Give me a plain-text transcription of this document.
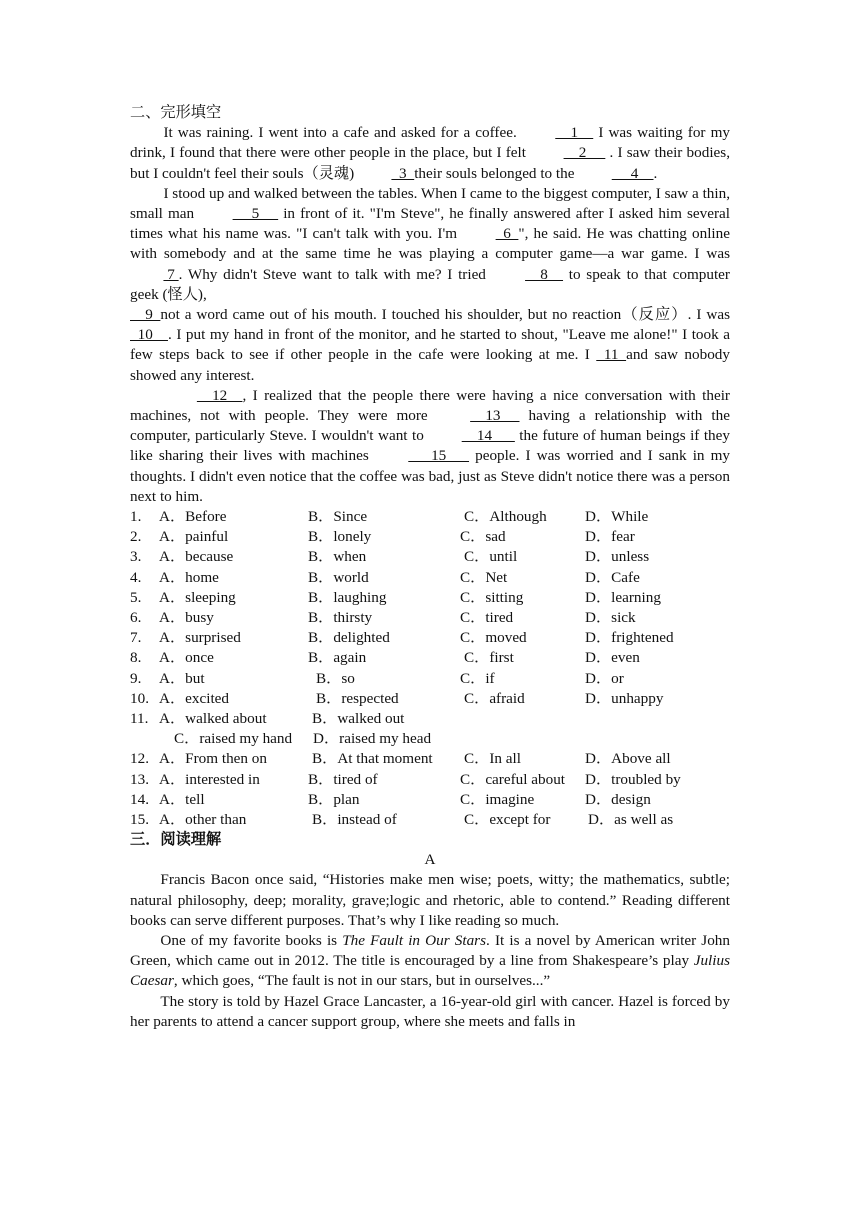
二、完形填空

It was raining. I went into a cafe and asked for a coffee.     1     I was waiting for my drink, I found that there were other people in the place, but I felt     2      . I saw their bodies, but I couldn't feel their souls（灵魂)   3  their souls belonged to the      4    .

I stood up and walked between the tables. When I came to the biggest computer, I saw a thin, small man      5      in front of it. "I'm Steve", he finally answered after I asked him several times what his name was. "I can't talk with you. I'm   6  ", he said. He was chatting online with somebody and at the same time he was playing a computer game—a war game. I was  7 . Why didn't Steve want to talk with me? I tried     8     to speak to that computer geek (怪人),

9  not a word came out of his mouth. I touched his shoulder, but no reaction（反应）. I was  10    . I put my hand in front of the monitor, and he started to shout, "Leave me alone!" I took a few steps back to see if other people in the cafe were looking at me. I   11  and saw nobody showed any interest.

12    , I realized that the people there were having a nice conversation with their machines, not with people. They were more     13      having a relationship with the computer, particularly Steve. I wouldn't want to     14       the future of human beings if they like sharing their lives with machines       15       people. I was worried and I sank in my thoughts. I didn't even notice that the coffee was bad, just as Steve didn't notice there was a person next to him.

1. A．Before	B．Since	C．Although	D．While
2. A．painful	B．lonely	C．sad	D．fear
3. A．because	B．when	C．until	D．unless
4. A．home	B．world	C．Net	D．Cafe
5. A．sleeping	B．laughing	C．sitting	D．learning
6. A．busy	B．thirsty	C．tired	D．sick
7. A．surprised	B．delighted	C．moved	D．frightened
8. A．once	B．again	C．first	D．even
9. A．but	B．so	C．if	D．or
10. A．excited	B．respected	C．afraid	D．unhappy
11. A．walked about	B．walked out
C．raised my hand D．raised my head
12. A．From then on	B．At that moment C．In all	D．Above all
13. A．interested in	B．tired of	C．careful about D．troubled by
14. A．tell	B．plan	C．imagine	D．design
15. A．other than	B．instead of	C．except for D．as well as

三．阅读理解

A

Francis Bacon once said, “Histories make men wise; poets, witty; the mathematics, subtle; natural philosophy, deep; morality, grave;logic and rhetoric, able to contend.” Reading different books can serve different purposes. That’s why I like reading so much.

One of my favorite books is The Fault in Our Stars. It is a novel by American writer John Green, which came out in 2012. The title is encouraged by a line from Shakespeare’s play Julius Caesar, which goes, “The fault is not in our stars, but in ourselves...”

The story is told by Hazel Grace Lancaster, a 16-year-old girl with cancer. Hazel is forced by her parents to attend a cancer support group, where she meets and falls in
